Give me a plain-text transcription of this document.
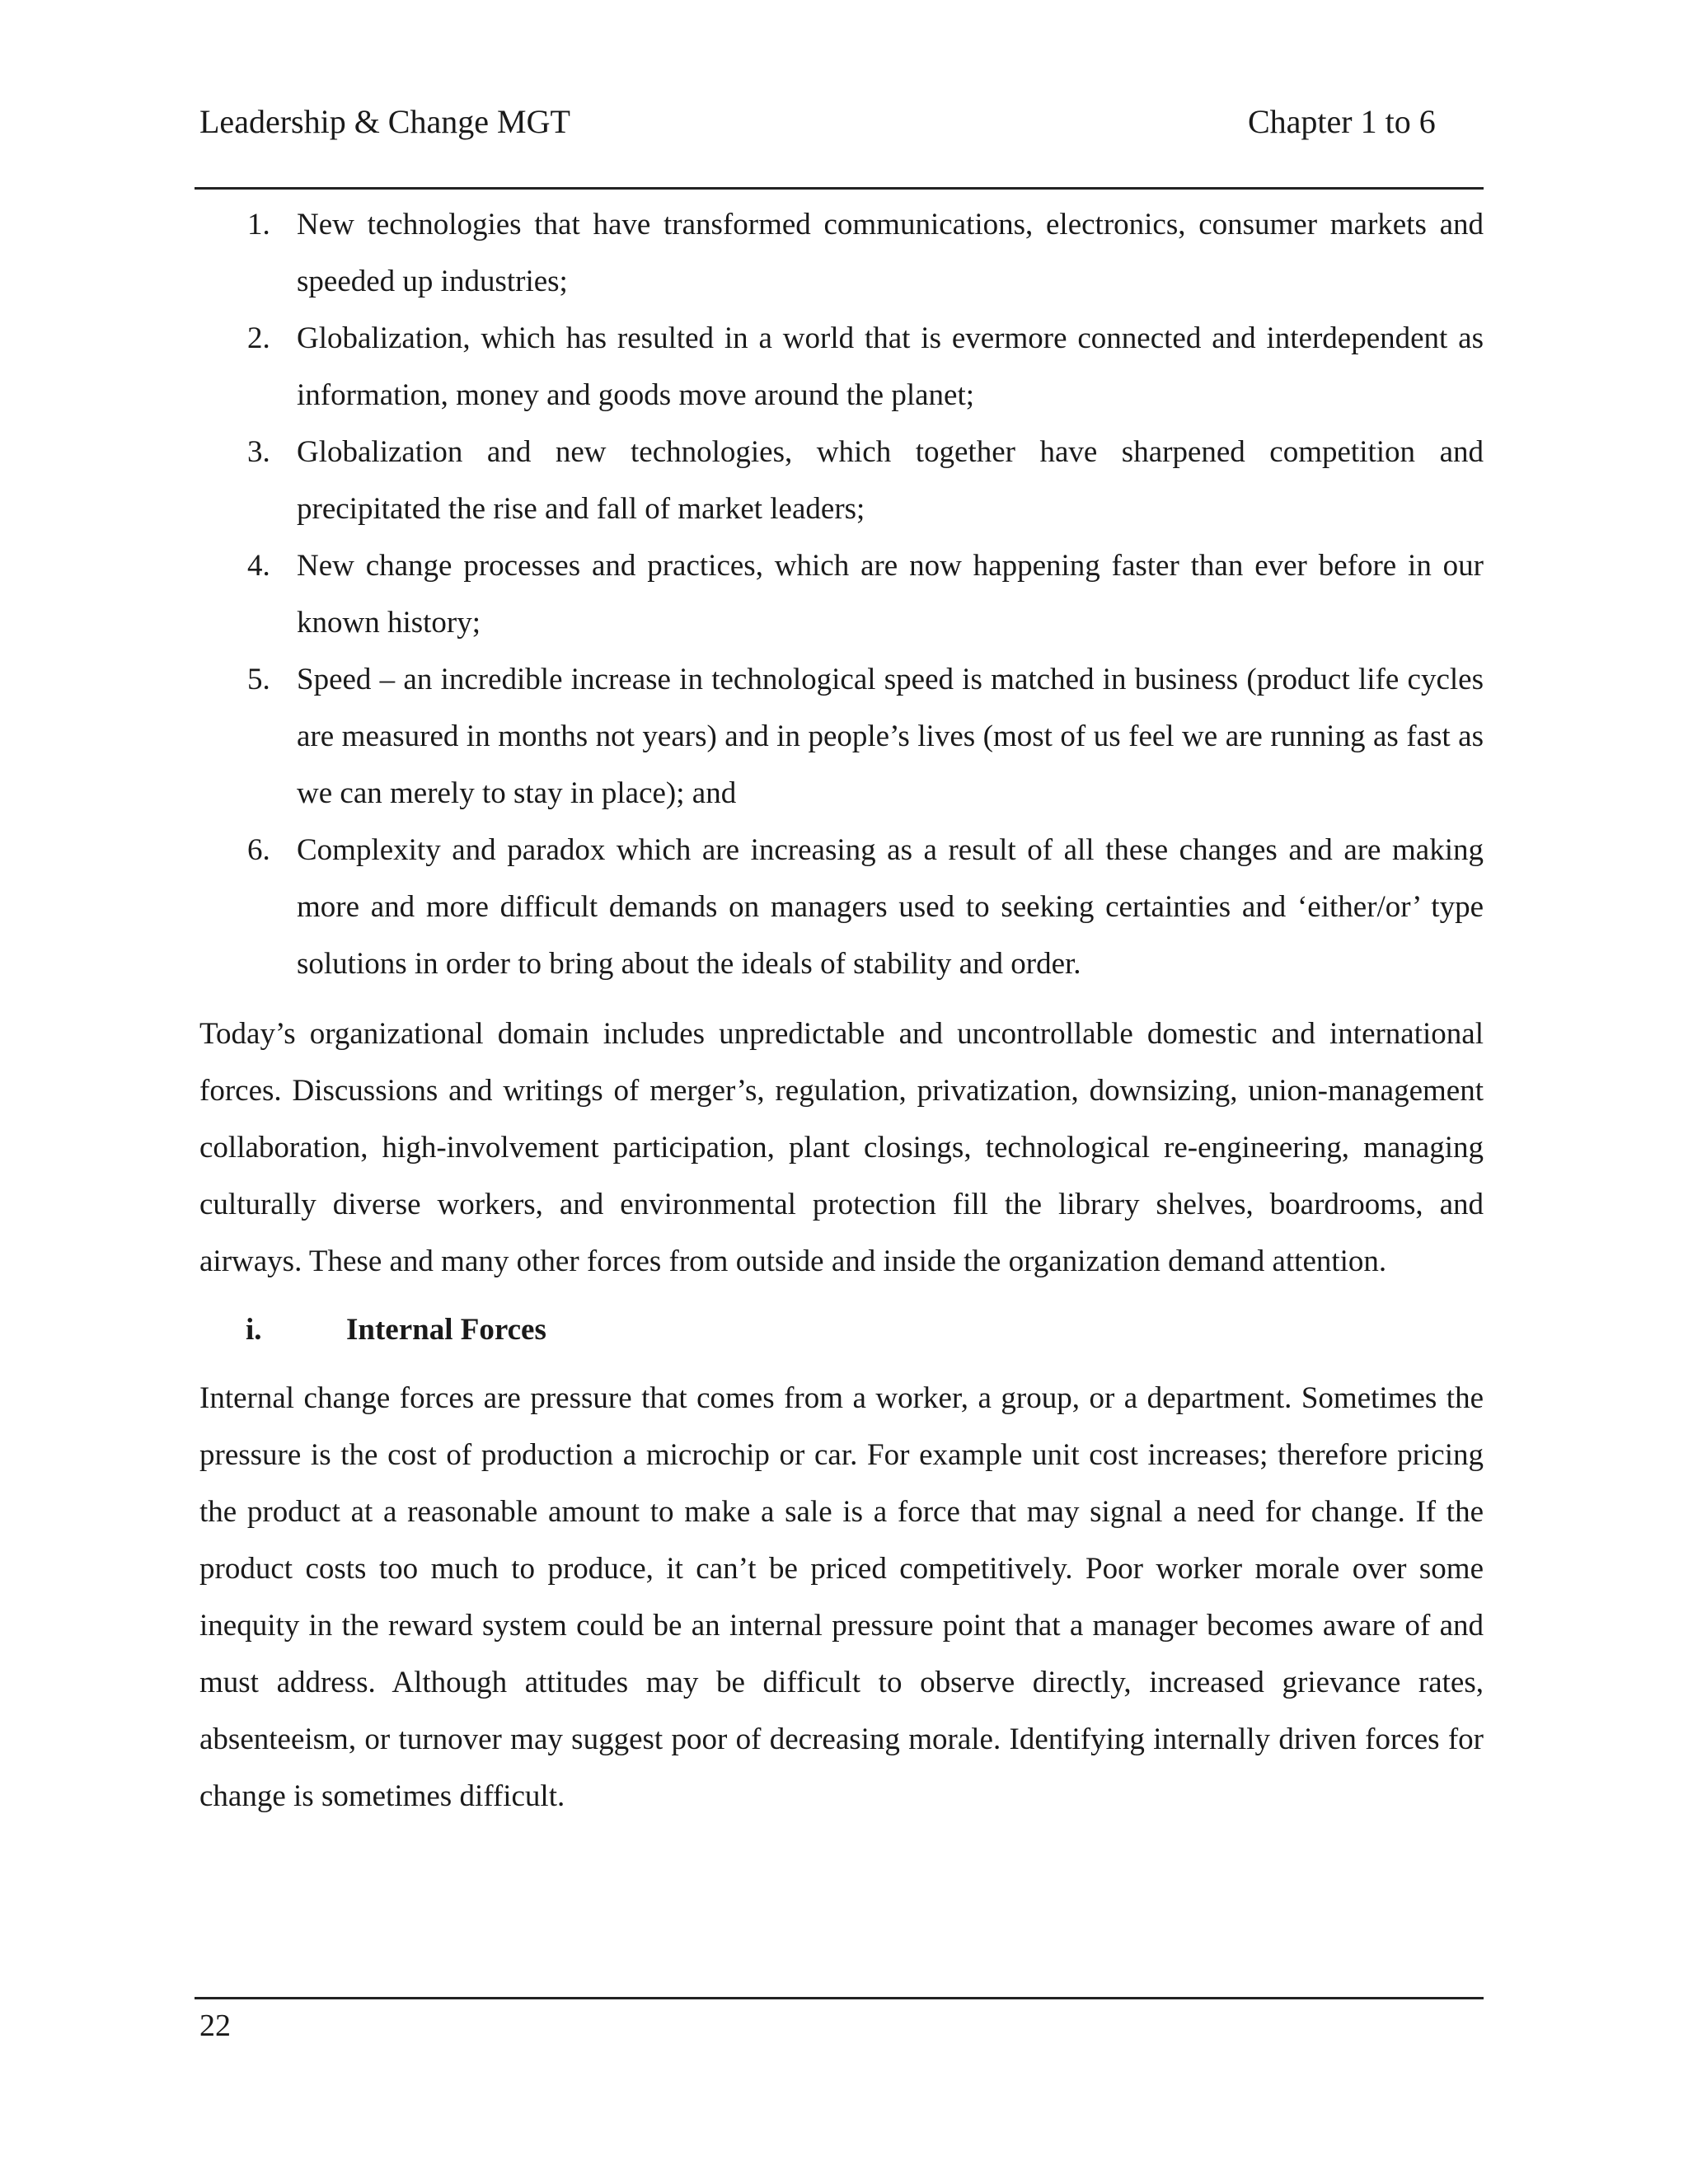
Leadership & Change MGT	Chapter 1 to 6
1. New technologies that have transformed communications, electronics, consumer markets and speeded up industries;
2. Globalization, which has resulted in a world that is evermore connected and interdependent as information, money and goods move around the planet;
3. Globalization and new technologies, which together have sharpened competition and precipitated the rise and fall of market leaders;
4. New change processes and practices, which are now happening faster than ever before in our known history;
5. Speed – an incredible increase in technological speed is matched in business (product life cycles are measured in months not years) and in people’s lives (most of us feel we are running as fast as we can merely to stay in place); and
6. Complexity and paradox which are increasing as a result of all these changes and are making more and more difficult demands on managers used to seeking certainties and ‘either/or’ type solutions in order to bring about the ideals of stability and order.

Today’s organizational domain includes unpredictable and uncontrollable domestic and international forces. Discussions and writings of merger’s, regulation, privatization, downsizing, union-management collaboration, high-involvement participation, plant closings, technological re-engineering, managing culturally diverse workers, and environmental protection fill the library shelves, boardrooms, and airways. These and many other forces from outside and inside the organization demand attention.

i.	Internal Forces

Internal change forces are pressure that comes from a worker, a group, or a department. Sometimes the pressure is the cost of production a microchip or car. For example unit cost increases; therefore pricing the product at a reasonable amount to make a sale is a force that may signal a need for change. If the product costs too much to produce, it can’t be priced competitively. Poor worker morale over some inequity in the reward system could be an internal pressure point that a manager becomes aware of and must address. Although attitudes may be difficult to observe directly, increased grievance rates, absenteeism, or turnover may suggest poor of decreasing morale. Identifying internally driven forces for change is sometimes difficult.

22
